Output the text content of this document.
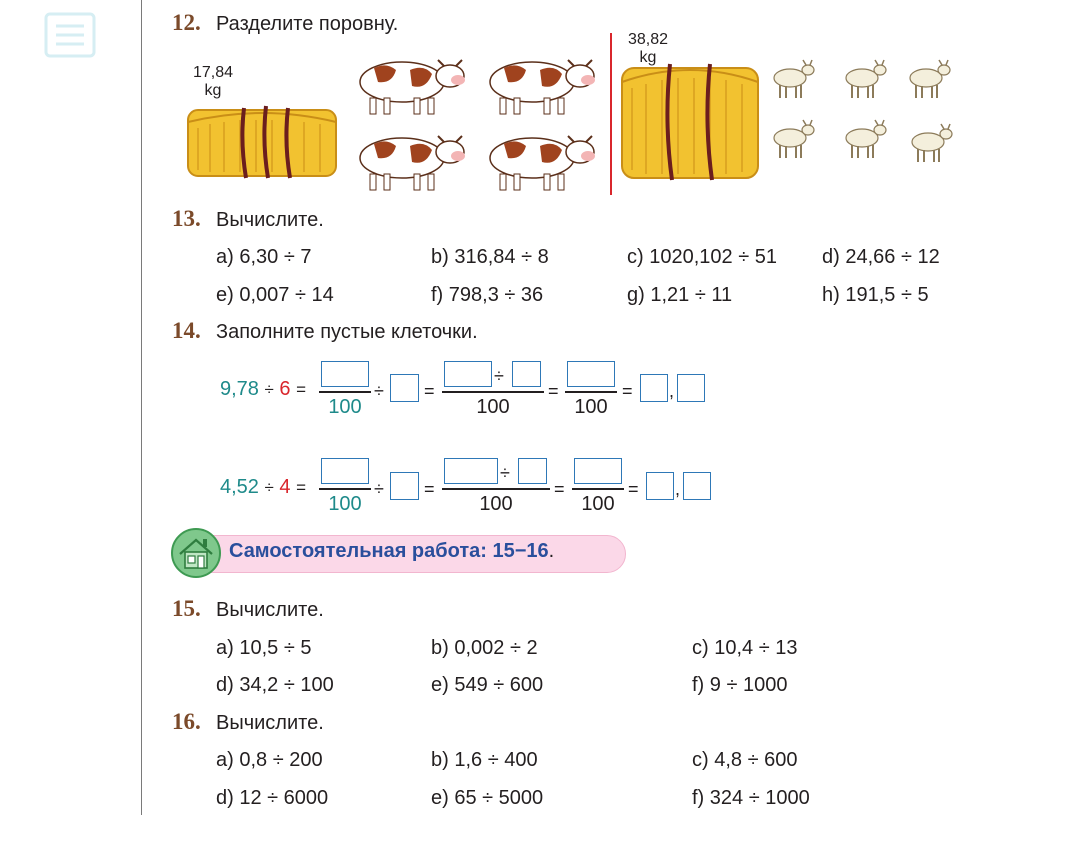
12. Разделите поровну.
17,84
kg
38,82
kg
13. Вычислите.
a) 6,30 ÷ 7	b) 316,84 ÷ 8	c) 1020,102 ÷ 51 d) 24,66 ÷ 12
e) 0,007 ÷ 14	f) 798,3 ÷ 36	g) 1,21 ÷ 11	h) 191,5 ÷ 5
14. Заполните пустые клеточки.
9,78 ÷ 6 =
100
÷ =
÷
100
=
100
= ,
4,52 ÷ 4 =
100
÷ =
÷
100
=
100
= ,
Самостоятельная работа: 15−16.
15. Вычислите.
a) 10,5 ÷ 5	b) 0,002 ÷ 2	c) 10,4 ÷ 13
d) 34,2 ÷ 100	e) 549 ÷ 600	f) 9 ÷ 1000
16. Вычислите.
a) 0,8 ÷ 200	b) 1,6 ÷ 400	c) 4,8 ÷ 600
d) 12 ÷ 6000	e) 65 ÷ 5000	f) 324 ÷ 1000
